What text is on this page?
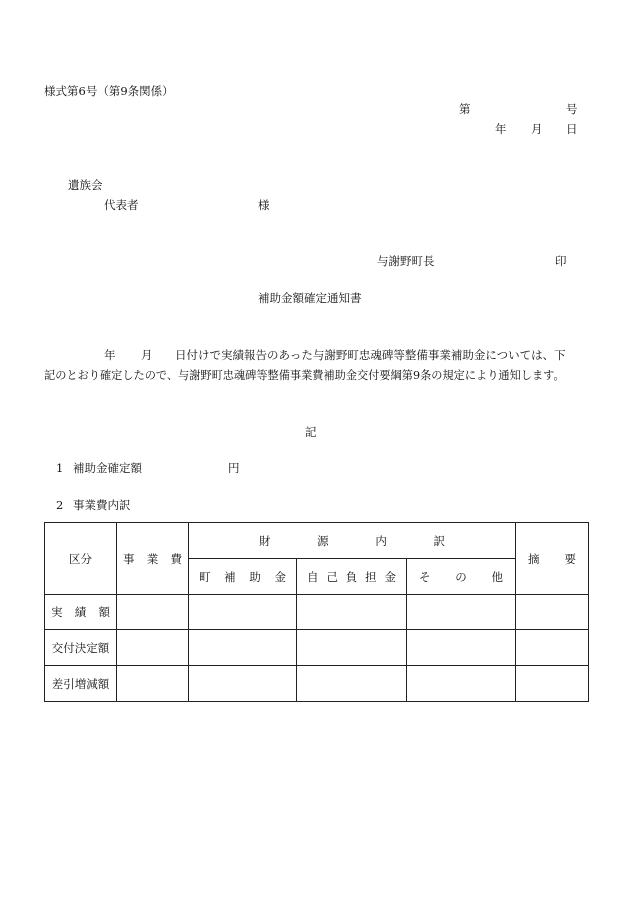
様式第6号（第9条関係）
第	号
年 月 日
遺族会
代表者	様
与謝野町長	印
補助金額確定通知書
年 月 日付けで実績報告のあった与謝野町忠魂碑等整備事業補助金については、下
記のとおり確定したので、与謝野町忠魂碑等整備事業費補助金交付要綱第9条の規定により通知します。
記
1 補助金確定額	円
2 事業費内訳
区分	事 業 費	財 源 内 訳			摘 要

		町 補 助 金	自 己 負 担 金	そ の 他	

実 績 額					

交付決定額					
差引増減額					
